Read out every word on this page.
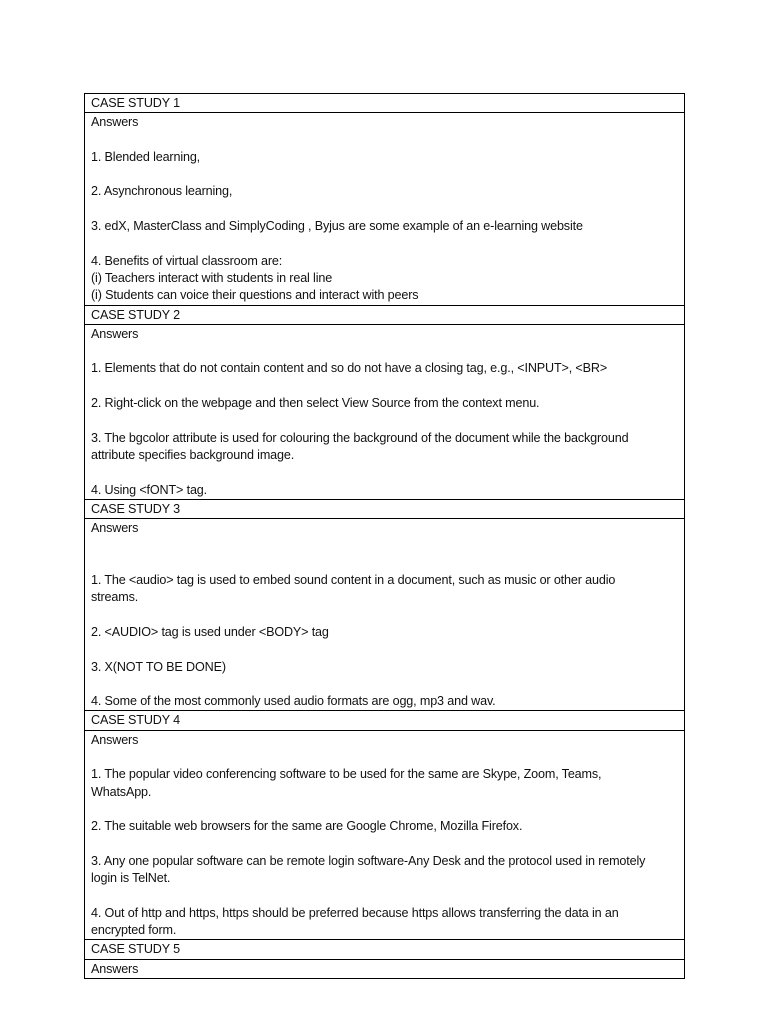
CASE STUDY 1
Answers
1. Blended learning,
2. Asynchronous learning,
3. edX, MasterClass and SimplyCoding , Byjus are some example of an e-learning website
4. Benefits of virtual classroom are:
(i) Teachers interact with students in real line
(i) Students can voice their questions and interact with peers
CASE STUDY 2
Answers
1. Elements that do not contain content and so do not have a closing tag, e.g., <INPUT>, <BR>
2. Right-click on the webpage and then select View Source from the context menu.
3. The bgcolor attribute is used for colouring the background of the document while the background
attribute specifies background image.
4. Using <fONT> tag.
CASE STUDY 3
Answers
1. The <audio> tag is used to embed sound content in a document, such as music or other audio
streams.
2. <AUDIO> tag is used under <BODY> tag
3. X(NOT TO BE DONE)
4. Some of the most commonly used audio formats are ogg, mp3 and wav.
CASE STUDY 4
Answers
1. The popular video conferencing software to be used for the same are Skype, Zoom, Teams,
WhatsApp.
2. The suitable web browsers for the same are Google Chrome, Mozilla Firefox.
3. Any one popular software can be remote login software-Any Desk and the protocol used in remotely
login is TelNet.
4. Out of http and https, https should be preferred because https allows transferring the data in an
encrypted form.
CASE STUDY 5
Answers
